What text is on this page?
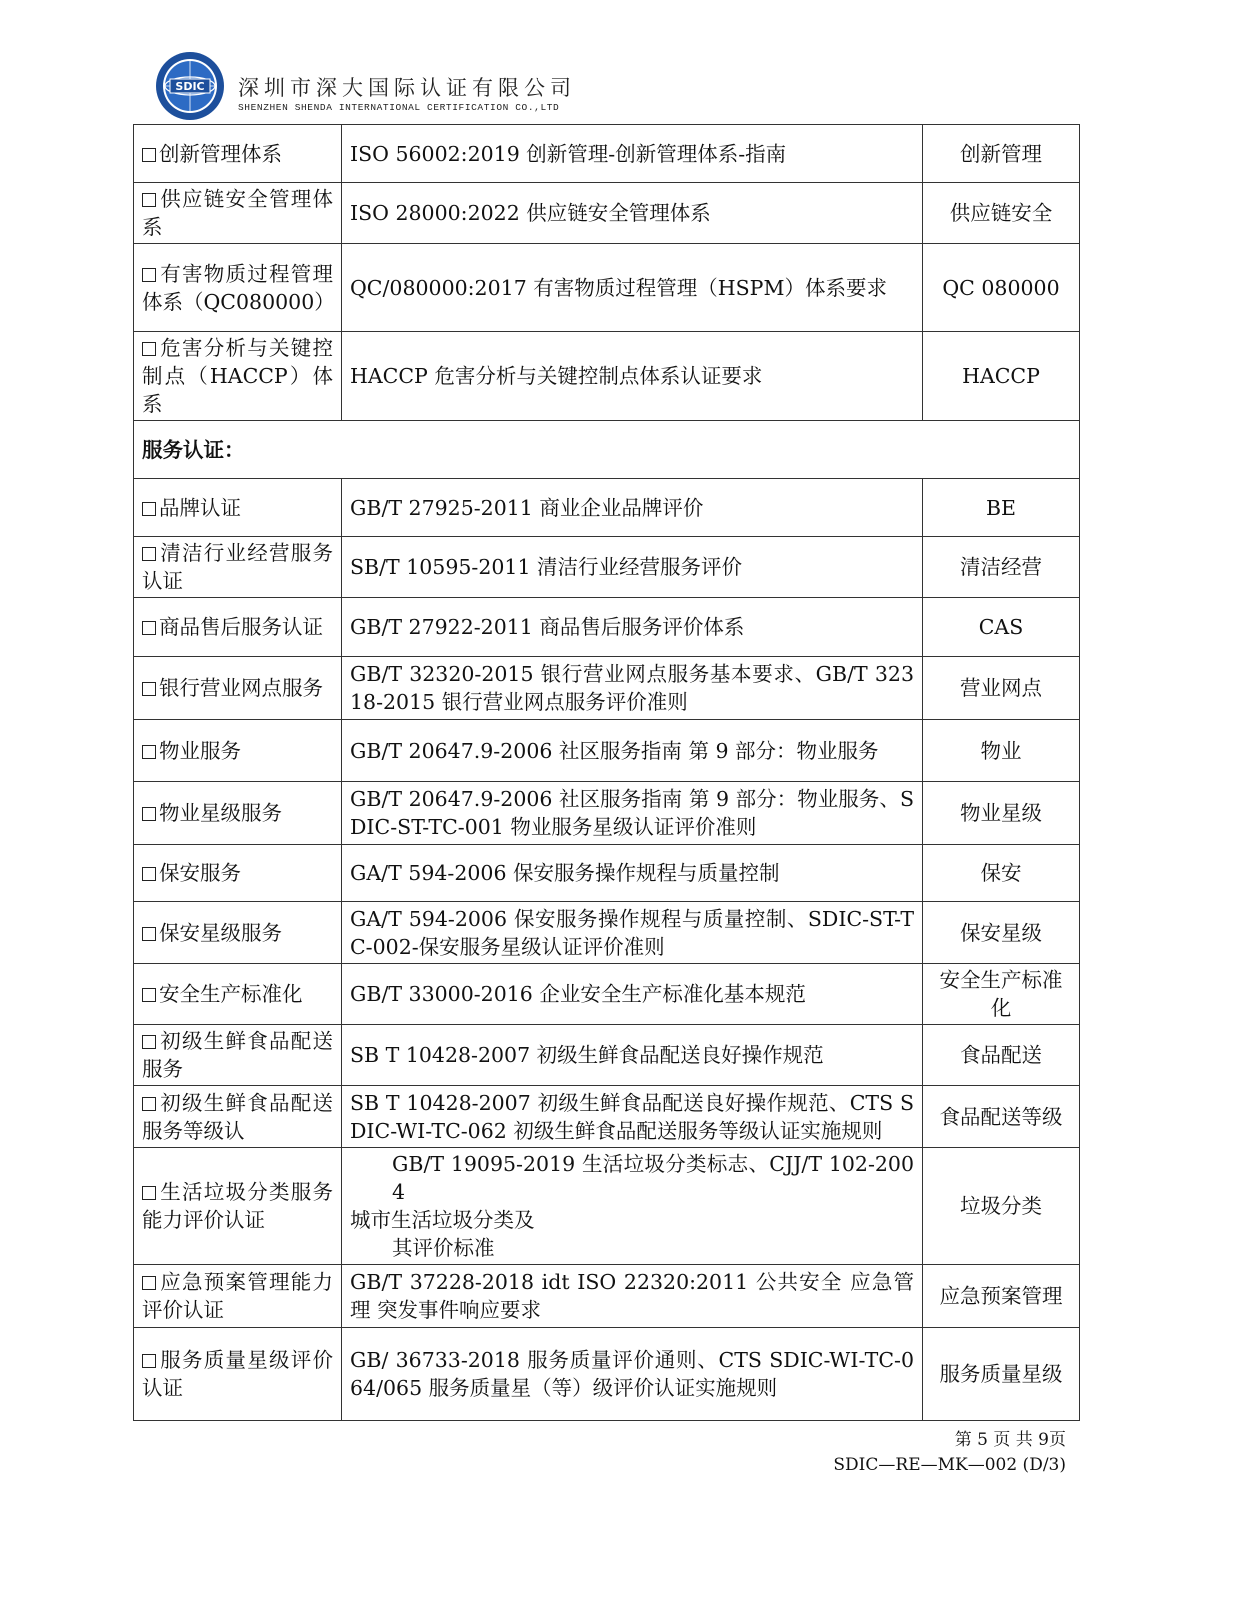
SDIC 深圳市深大国际认证有限公司
SHENZHEN SHENDA INTERNATIONAL CERTIFICATION CO.,LTD
创新管理体系	ISO 56002:2019 创新管理-创新管理体系-指南	创新管理
供应链安全管理体系	ISO 28000:2022 供应链安全管理体系	供应链安全
有害物质过程管理体系（QC080000）	QC/080000:2017 有害物质过程管理（HSPM）体系要求	QC 080000
危害分析与关键控制点（HACCP）体系	HACCP 危害分析与关键控制点体系认证要求	HACCP
服务认证：		
品牌认证	GB/T 27925-2011 商业企业品牌评价	BE
清洁行业经营服务认证	SB/T 10595-2011 清洁行业经营服务评价	清洁经营
商品售后服务认证	GB/T 27922-2011 商品售后服务评价体系	CAS
银行营业网点服务	GB/T 32320-2015 银行营业网点服务基本要求、GB/T 32318-2015 银行营业网点服务评价准则	营业网点
物业服务	GB/T 20647.9-2006 社区服务指南 第 9 部分：物业服务	物业
物业星级服务	GB/T 20647.9-2006 社区服务指南 第 9 部分：物业服务、SDIC-ST-TC-001 物业服务星级认证评价准则	物业星级
保安服务	GA/T 594-2006 保安服务操作规程与质量控制	保安
保安星级服务	GA/T 594-2006 保安服务操作规程与质量控制、SDIC-ST-TC-002-保安服务星级认证评价准则	保安星级
安全生产标准化	GB/T 33000-2016 企业安全生产标准化基本规范	安全生产标准化
初级生鲜食品配送服务	SB T 10428-2007 初级生鲜食品配送良好操作规范	食品配送
初级生鲜食品配送服务等级认	SB T 10428-2007 初级生鲜食品配送良好操作规范、CTS SDIC-WI-TC-062 初级生鲜食品配送服务等级认证实施规则	食品配送等级
生活垃圾分类服务能力评价认证	GB/T 19095-2019 生活垃圾分类标志、CJJ/T 102-2004
城市生活垃圾分类及
其评价标准	垃圾分类
应急预案管理能力评价认证	GB/T 37228-2018 idt ISO 22320:2011 公共安全 应急管理 突发事件响应要求	应急预案管理
服务质量星级评价认证	GB/ 36733-2018 服务质量评价通则、CTS SDIC-WI-TC-064/065 服务质量星（等）级评价认证实施规则	服务质量星级
第 5 页 共 9页
SDIC—RE—MK—002 (D/3)
